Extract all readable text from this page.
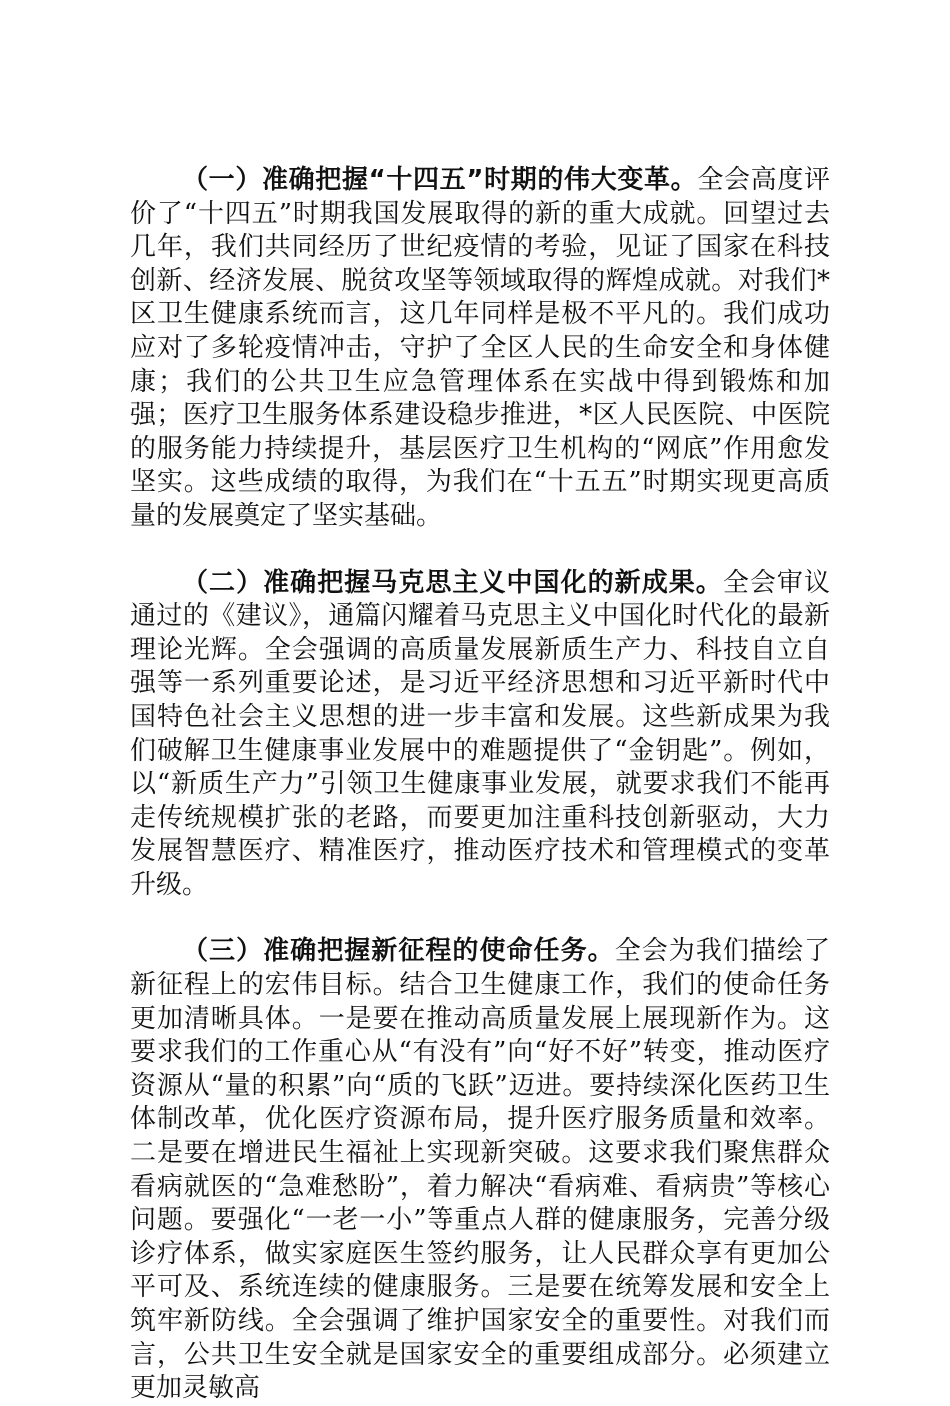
（一）准确把握“十四五”时期的伟大变革。全会高度评价了“十四五”时期我国发展取得的新的重大成就。回望过去几年，我们共同经历了世纪疫情的考验，见证了国家在科技创新、经济发展、脱贫攻坚等领域取得的辉煌成就。对我们*区卫生健康系统而言，这几年同样是极不平凡的。我们成功应对了多轮疫情冲击，守护了全区人民的生命安全和身体健康；我们的公共卫生应急管理体系在实战中得到锻炼和加强；医疗卫生服务体系建设稳步推进，*区人民医院、中医院的服务能力持续提升，基层医疗卫生机构的“网底”作用愈发坚实。这些成绩的取得，为我们在“十五五”时期实现更高质量的发展奠定了坚实基础。

（二）准确把握马克思主义中国化的新成果。全会审议通过的《建议》，通篇闪耀着马克思主义中国化时代化的最新理论光辉。全会强调的高质量发展新质生产力、科技自立自强等一系列重要论述，是习近平经济思想和习近平新时代中国特色社会主义思想的进一步丰富和发展。这些新成果为我们破解卫生健康事业发展中的难题提供了“金钥匙”。例如，以“新质生产力”引领卫生健康事业发展，就要求我们不能再走传统规模扩张的老路，而要更加注重科技创新驱动，大力发展智慧医疗、精准医疗，推动医疗技术和管理模式的变革升级。

（三）准确把握新征程的使命任务。全会为我们描绘了新征程上的宏伟目标。结合卫生健康工作，我们的使命任务更加清晰具体。一是要在推动高质量发展上展现新作为。这要求我们的工作重心从“有没有”向“好不好”转变，推动医疗资源从“量的积累”向“质的飞跃”迈进。要持续深化医药卫生体制改革，优化医疗资源布局，提升医疗服务质量和效率。二是要在增进民生福祉上实现新突破。这要求我们聚焦群众看病就医的“急难愁盼”，着力解决“看病难、看病贵”等核心问题。要强化“一老一小”等重点人群的健康服务，完善分级诊疗体系，做实家庭医生签约服务，让人民群众享有更加公平可及、系统连续的健康服务。三是要在统筹发展和安全上筑牢新防线。全会强调了维护国家安全的重要性。对我们而言，公共卫生安全就是国家安全的重要组成部分。必须建立更加灵敏高
